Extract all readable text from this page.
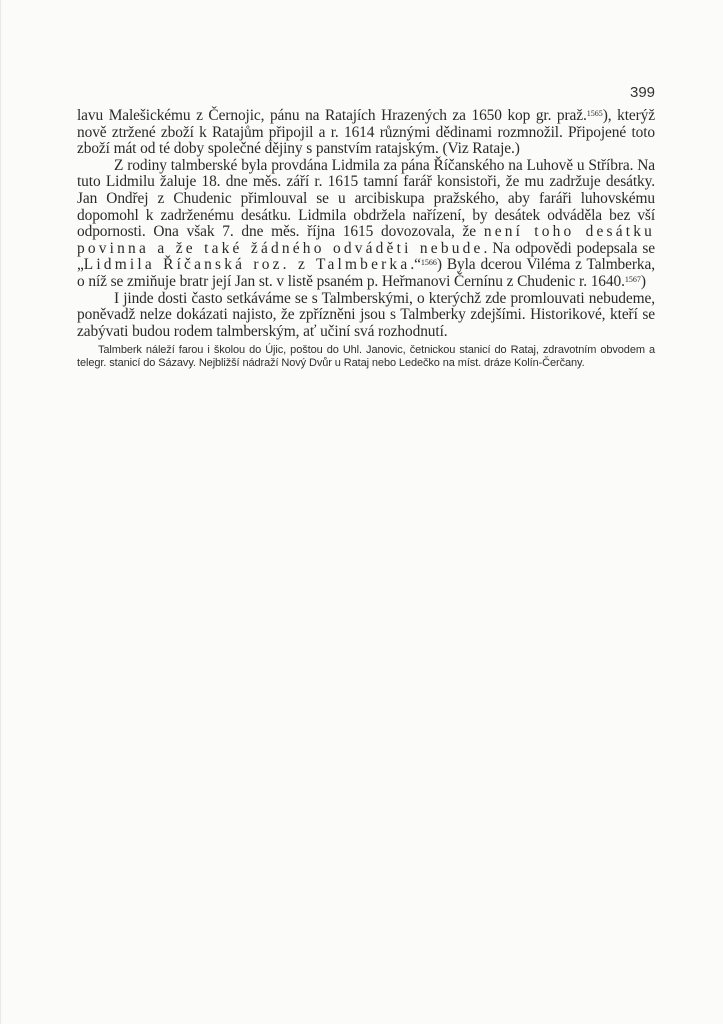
399

lavu Malešickému z Černojic, pánu na Ratajích Hrazených za 1650 kop gr. praž.$^{1565}$), kterýž nově ztržené zboží k Ratajům připojil a r. 1614 různými dědinami rozmnožil. Připojené toto zboží mát od té doby společné dějiny s panstvím ratajským. (Viz Rataje.)

Z rodiny talmberské byla provdána Lidmila za pána Říčanského na Luhově u Stříbra. Na tuto Lidmilu žaluje 18. dne měs. září r. 1615 tamní farář konsistoři, že mu zadržuje desátky. Jan Ondřej z Chudenic přimlouval se u arcibiskupa pražského, aby faráři luhovskému dopomohl k zadrženému desátku. Lidmila obdržela nařízení, by desátek odváděla bez vší odpornosti. Ona však 7. dne měs. října 1615 dovozovala, že není toho desátku povinna a že také žádného odváděti nebude. Na odpovědi podepsala se „Lidmila Říčanská roz. z Talmberka.“$^{1566}$) Byla dcerou Viléma z Talmberka, o níž se zmiňuje bratr její Jan st. v listě psaném p. Heřmanovi Černínu z Chudenic r. 1640.$^{1567}$)

I jinde dosti často setkáváme se s Talmberskými, o kterýchž zde promlouvati nebudeme, poněvadž nelze dokázati najisto, že zpřízněni jsou s Talmberky zdejšími. Historikové, kteří se zabývati budou rodem talmberským, ať učiní svá rozhodnutí.

Talmberk náleží farou i školou do Újic, poštou do Uhl. Janovic, četnickou stanicí do Rataj, zdravotním obvodem a telegr. stanicí do Sázavy. Nejbližší nádraží Nový Dvůr u Rataj nebo Ledečko na míst. dráze Kolín-Čerčany.
